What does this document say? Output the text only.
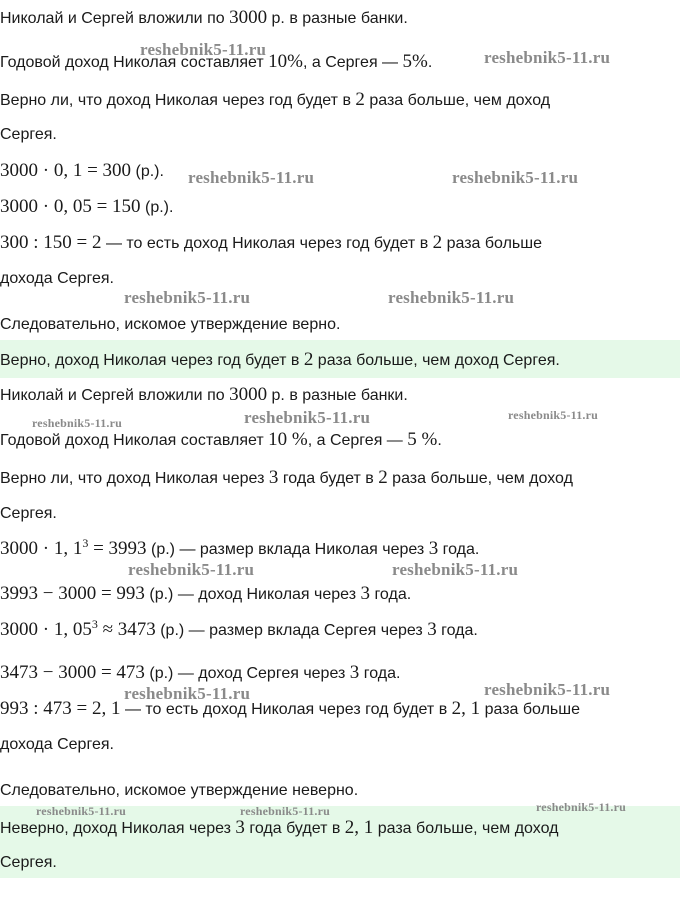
Николай и Сергей вложили по 3000 р. в разные банки.
Годовой доход Николая составляет 10%, а Сергея — 5%.
Верно ли, что доход Николая через год будет в 2 раза больше, чем доход
Сергея.
3000 · 0, 1 = 300 (р.).
3000 · 0, 05 = 150 (р.).
300 : 150 = 2 — то есть доход Николая через год будет в 2 раза больше
дохода Сергея.
Следовательно, искомое утверждение верно.
Верно, доход Николая через год будет в 2 раза больше, чем доход Сергея.
Николай и Сергей вложили по 3000 р. в разные банки.
Годовой доход Николая составляет 10 %, а Сергея — 5 %.
Верно ли, что доход Николая через 3 года будет в 2 раза больше, чем доход
Сергея.
3000 · 1, $1^3 = 3993$ (р.) — размер вклада Николая через 3 года.
3993 − 3000 = 993 (р.) — доход Николая через 3 года.
3000 · 1, $05^3 \approx 3473$ (р.) — размер вклада Сергея через 3 года.
3473 − 3000 = 473 (р.) — доход Сергея через 3 года.
993 : 473 = 2, 1 — то есть доход Николая через год будет в 2, 1 раза больше
дохода Сергея.
Следовательно, искомое утверждение неверно.
Неверно, доход Николая через 3 года будет в 2, 1 раза больше, чем доход
Сергея.
reshebnik5-11.ru	reshebnik5-11.ru
reshebnik5-11.ru	reshebnik5-11.ru
reshebnik5-11.ru	reshebnik5-11.ru
reshebnik5-11.ru	reshebnik5-11.ru	reshebnik5-11.ru
reshebnik5-11.ru	reshebnik5-11.ru
reshebnik5-11.ru	reshebnik5-11.ru
reshebnik5-11.ru	reshebnik5-11.ru	reshebnik5-11.ru
